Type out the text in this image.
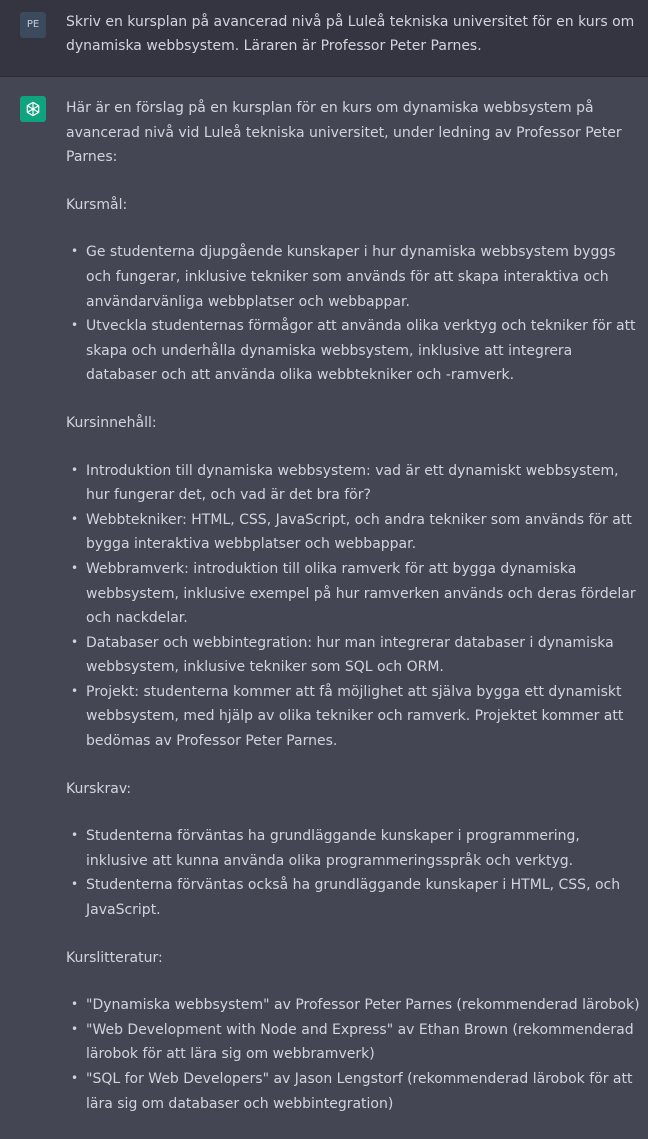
PE	Skriv en kursplan på avancerad nivå på Luleå tekniska universitet för en kurs om dynamiska webbsystem. Läraren är Professor Peter Parnes.

Här är en förslag på en kursplan för en kurs om dynamiska webbsystem på avancerad nivå vid Luleå tekniska universitet, under ledning av Professor Peter Parnes:

Kursmål:

• Ge studenterna djupgående kunskaper i hur dynamiska webbsystem byggs och fungerar, inklusive tekniker som används för att skapa interaktiva och användarvänliga webbplatser och webbappar.
• Utveckla studenternas förmågor att använda olika verktyg och tekniker för att skapa och underhålla dynamiska webbsystem, inklusive att integrera databaser och att använda olika webbtekniker och -ramverk.

Kursinnehåll:

• Introduktion till dynamiska webbsystem: vad är ett dynamiskt webbsystem, hur fungerar det, och vad är det bra för?
• Webbtekniker: HTML, CSS, JavaScript, och andra tekniker som används för att bygga interaktiva webbplatser och webbappar.
• Webbramverk: introduktion till olika ramverk för att bygga dynamiska webbsystem, inklusive exempel på hur ramverken används och deras fördelar och nackdelar.
• Databaser och webbintegration: hur man integrerar databaser i dynamiska webbsystem, inklusive tekniker som SQL och ORM.
• Projekt: studenterna kommer att få möjlighet att själva bygga ett dynamiskt webbsystem, med hjälp av olika tekniker och ramverk. Projektet kommer att bedömas av Professor Peter Parnes.

Kurskrav:

• Studenterna förväntas ha grundläggande kunskaper i programmering, inklusive att kunna använda olika programmeringsspråk och verktyg.
• Studenterna förväntas också ha grundläggande kunskaper i HTML, CSS, och JavaScript.

Kurslitteratur:

• "Dynamiska webbsystem" av Professor Peter Parnes (rekommenderad lärobok)
• "Web Development with Node and Express" av Ethan Brown (rekommenderad lärobok för att lära sig om webbramverk)
• "SQL for Web Developers" av Jason Lengstorf (rekommenderad lärobok för att lära sig om databaser och webbintegration)
